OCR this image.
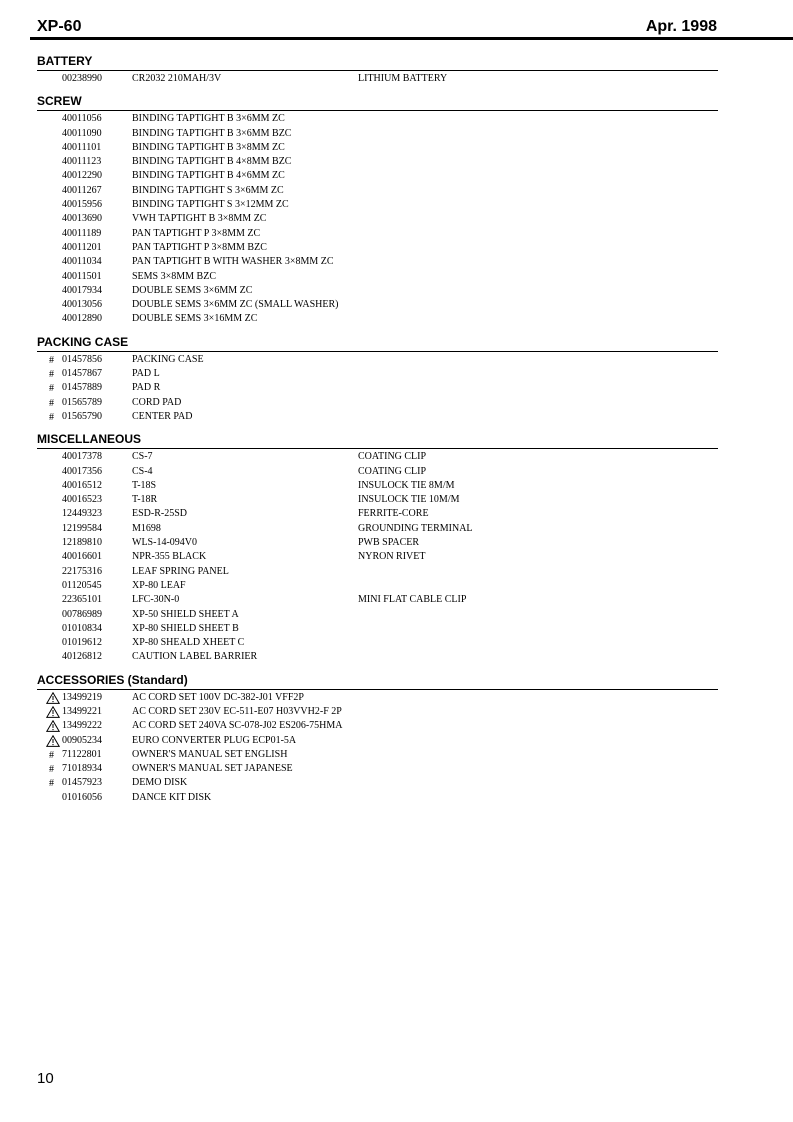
XP-60	Apr. 1998
BATTERY
00238990	CR2032 210MAH/3V	LITHIUM BATTERY
SCREW
40011056	BINDING TAPTIGHT B 3×6MM ZC
40011090	BINDING TAPTIGHT B 3×6MM BZC
40011101	BINDING TAPTIGHT B 3×8MM ZC
40011123	BINDING TAPTIGHT B 4×8MM BZC
40012290	BINDING TAPTIGHT B 4×6MM ZC
40011267	BINDING TAPTIGHT S 3×6MM ZC
40015956	BINDING TAPTIGHT S 3×12MM ZC
40013690	VWH TAPTIGHT B 3×8MM ZC
40011189	PAN TAPTIGHT P 3×8MM ZC
40011201	PAN TAPTIGHT P 3×8MM BZC
40011034	PAN TAPTIGHT B WITH WASHER 3×8MM ZC
40011501	SEMS 3×8MM BZC
40017934	DOUBLE SEMS 3×6MM ZC
40013056	DOUBLE SEMS 3×6MM ZC (SMALL WASHER)
40012890	DOUBLE SEMS 3×16MM ZC
PACKING CASE
# 01457856	PACKING CASE
# 01457867	PAD L
# 01457889	PAD R
# 01565789	CORD PAD
# 01565790	CENTER PAD
MISCELLANEOUS
40017378	CS-7	COATING CLIP
40017356	CS-4	COATING CLIP
40016512	T-18S	INSULOCK TIE 8M/M
40016523	T-18R	INSULOCK TIE 10M/M
12449323	ESD-R-25SD	FERRITE-CORE
12199584	M1698	GROUNDING TERMINAL
12189810	WLS-14-094V0	PWB SPACER
40016601	NPR-355 BLACK	NYRON RIVET
22175316	LEAF SPRING PANEL
01120545	XP-80 LEAF
22365101	LFC-30N-0	MINI FLAT CABLE CLIP
00786989	XP-50 SHIELD SHEET A
01010834	XP-80 SHIELD SHEET B
01019612	XP-80 SHEALD XHEET C
40126812	CAUTION LABEL BARRIER
ACCESSORIES (Standard)
13499219	AC CORD SET 100V DC-382-J01 VFF2P
13499221	AC CORD SET 230V EC-511-E07 H03VVH2-F 2P
13499222	AC CORD SET 240VA SC-078-J02 ES206-75HMA
00905234	EURO CONVERTER PLUG ECP01-5A
# 71122801	OWNER'S MANUAL SET ENGLISH
# 71018934	OWNER'S MANUAL SET JAPANESE
# 01457923	DEMO DISK
01016056	DANCE KIT DISK
10
